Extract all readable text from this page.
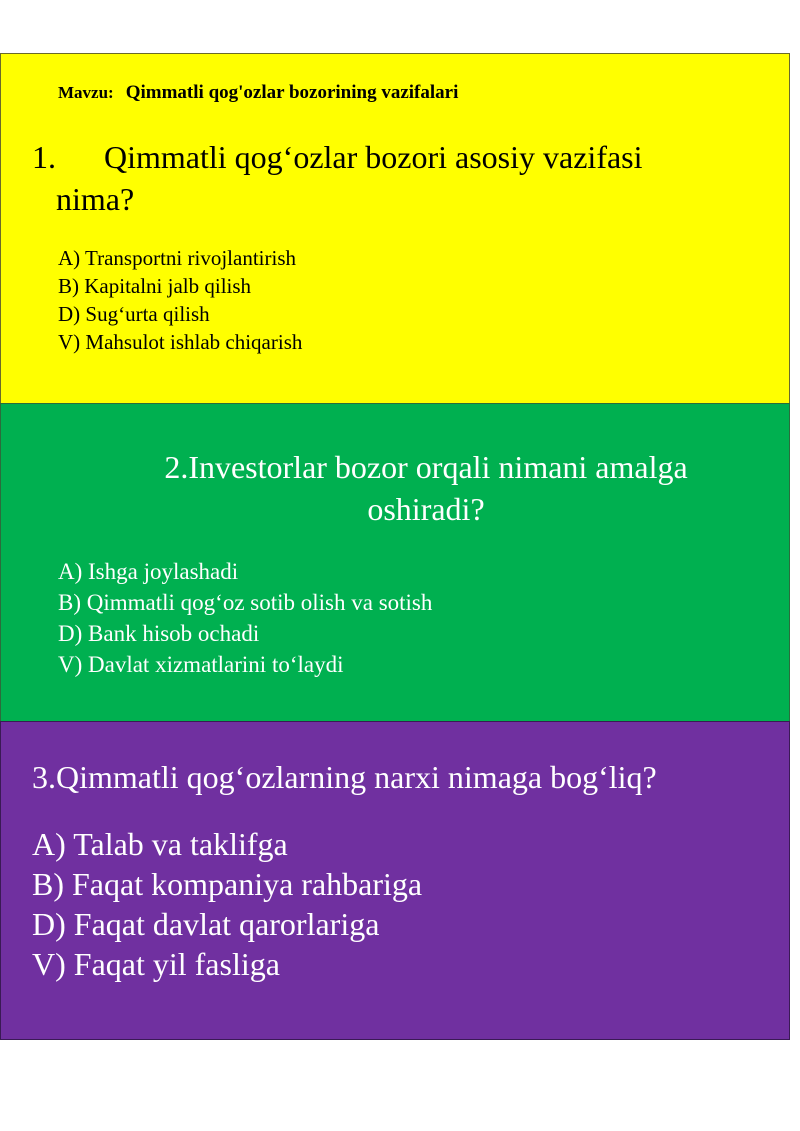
Mavzu: Qimmatli qog'ozlar bozorining vazifalari
1. Qimmatli qog‘ozlar bozori asosiy vazifasi
nima?
A) Transportni rivojlantirish
B) Kapitalni jalb qilish
D) Sug‘urta qilish
V) Mahsulot ishlab chiqarish
2.Investorlar bozor orqali nimani amalga
oshiradi?
A) Ishga joylashadi
B) Qimmatli qog‘oz sotib olish va sotish
D) Bank hisob ochadi
V) Davlat xizmatlarini to‘laydi
3.Qimmatli qog‘ozlarning narxi nimaga bog‘liq?
A) Talab va taklifga
B) Faqat kompaniya rahbariga
D) Faqat davlat qarorlariga
V) Faqat yil fasliga
